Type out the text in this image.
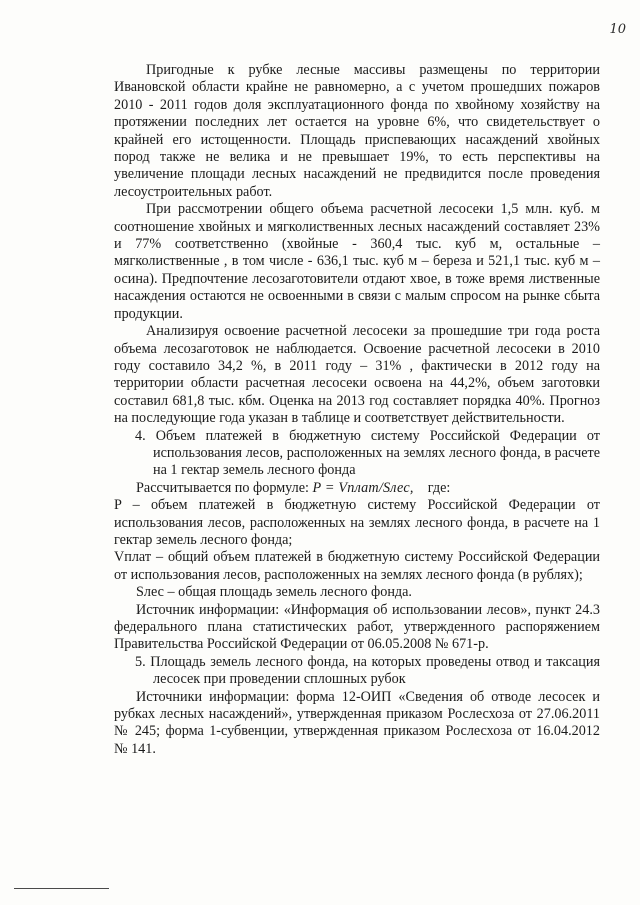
10

Пригодные к рубке лесные массивы размещены по территории Ивановской области крайне не равномерно, а с учетом прошедших пожаров 2010 - 2011 годов доля эксплуатационного фонда по хвойному хозяйству на протяжении последних лет остается на уровне 6%, что свидетельствует о крайней его истощенности. Площадь приспевающих насаждений хвойных пород также не велика и не превышает 19%, то есть перспективы на увеличение площади лесных насаждений не предвидится после проведения лесоустроительных работ.

При рассмотрении общего объема расчетной лесосеки 1,5 млн. куб. м соотношение хвойных и мягколиственных лесных насаждений составляет 23% и 77% соответственно (хвойные - 360,4 тыс. куб м, остальные – мягколиственные , в том числе - 636,1 тыс. куб м – береза и 521,1 тыс. куб м – осина). Предпочтение лесозаготовители отдают хвое, в тоже время лиственные насаждения остаются не освоенными в связи с малым спросом на рынке сбыта продукции.

Анализируя освоение расчетной лесосеки за прошедшие три года роста объема лесозаготовок не наблюдается. Освоение расчетной лесосеки в 2010 году составило 34,2 %, в 2011 году – 31% , фактически в 2012 году на территории области расчетная лесосеки освоена на 44,2%, объем заготовки составил 681,8 тыс. кбм. Оценка на 2013 год составляет порядка 40%. Прогноз на последующие года указан в таблице и соответствует действительности.

4. Объем платежей в бюджетную систему Российской Федерации от использования лесов, расположенных на землях лесного фонда, в расчете на 1 гектар земель лесного фонда

Рассчитывается по формуле: P = Vплат/Sлес, где:

P – объем платежей в бюджетную систему Российской Федерации от использования лесов, расположенных на землях лесного фонда, в расчете на 1 гектар земель лесного фонда;

Vплат – общий объем платежей в бюджетную систему Российской Федерации от использования лесов, расположенных на землях лесного фонда (в рублях);

Sлес – общая площадь земель лесного фонда.

Источник информации: «Информация об использовании лесов», пункт 24.3 федерального плана статистических работ, утвержденного распоряжением Правительства Российской Федерации от 06.05.2008 № 671-р.

5. Площадь земель лесного фонда, на которых проведены отвод и таксация лесосек при проведении сплошных рубок

Источники информации: форма 12-ОИП «Сведения об отводе лесосек и рубках лесных насаждений», утвержденная приказом Рослесхоза от 27.06.2011 № 245; форма 1-субвенции, утвержденная приказом Рослесхоза от 16.04.2012 № 141.
